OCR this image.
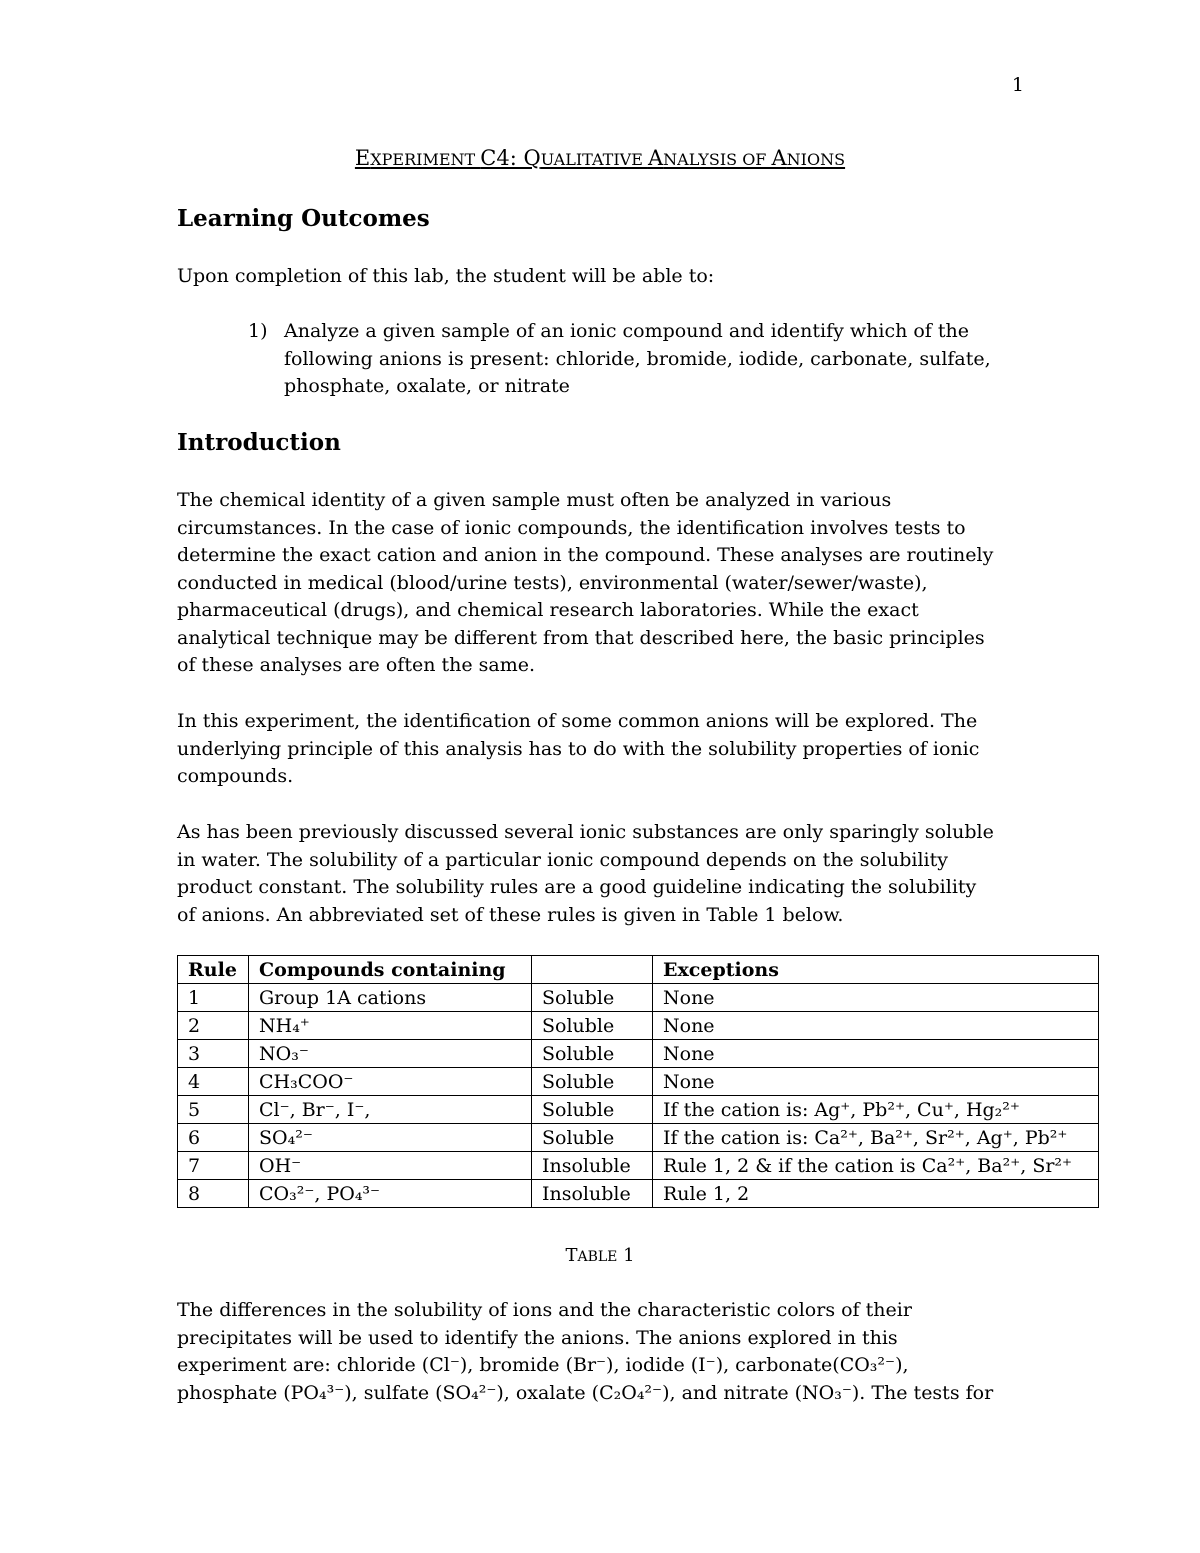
1
EXPERIMENT C4: QUALITATIVE ANALYSIS OF ANIONS
Learning Outcomes

Upon completion of this lab, the student will be able to:

1) Analyze a given sample of an ionic compound and identify which of the
following anions is present: chloride, bromide, iodide, carbonate, sulfate,
phosphate, oxalate, or nitrate
Introduction
The chemical identity of a given sample must often be analyzed in various
circumstances. In the case of ionic compounds, the identification involves tests to
determine the exact cation and anion in the compound. These analyses are routinely
conducted in medical (blood/urine tests), environmental (water/sewer/waste),
pharmaceutical (drugs), and chemical research laboratories. While the exact
analytical technique may be different from that described here, the basic principles
of these analyses are often the same.
In this experiment, the identification of some common anions will be explored. The
underlying principle of this analysis has to do with the solubility properties of ionic
compounds.
As has been previously discussed several ionic substances are only sparingly soluble
in water. The solubility of a particular ionic compound depends on the solubility
product constant. The solubility rules are a good guideline indicating the solubility
of anions. An abbreviated set of these rules is given in Table 1 below.
Rule	Compounds containing		Exceptions
1	Group 1A cations	Soluble	None
2	NH₄⁺	Soluble	None
3	NO₃⁻	Soluble	None
4	CH₃COO⁻	Soluble	None
5	Cl⁻, Br⁻, I⁻,	Soluble	If the cation is: Ag⁺, Pb²⁺, Cu⁺, Hg₂²⁺
6	SO₄²⁻	Soluble	If the cation is: Ca²⁺, Ba²⁺, Sr²⁺, Ag⁺, Pb²⁺
7	OH⁻	Insoluble	Rule 1, 2 & if the cation is Ca²⁺, Ba²⁺, Sr²⁺
8	CO₃²⁻, PO₄³⁻	Insoluble	Rule 1, 2
TABLE 1
The differences in the solubility of ions and the characteristic colors of their
precipitates will be used to identify the anions. The anions explored in this
experiment are: chloride (Cl⁻), bromide (Br⁻), iodide (I⁻), carbonate(CO₃²⁻),
phosphate (PO₄³⁻), sulfate (SO₄²⁻), oxalate (C₂O₄²⁻), and nitrate (NO₃⁻). The tests for
